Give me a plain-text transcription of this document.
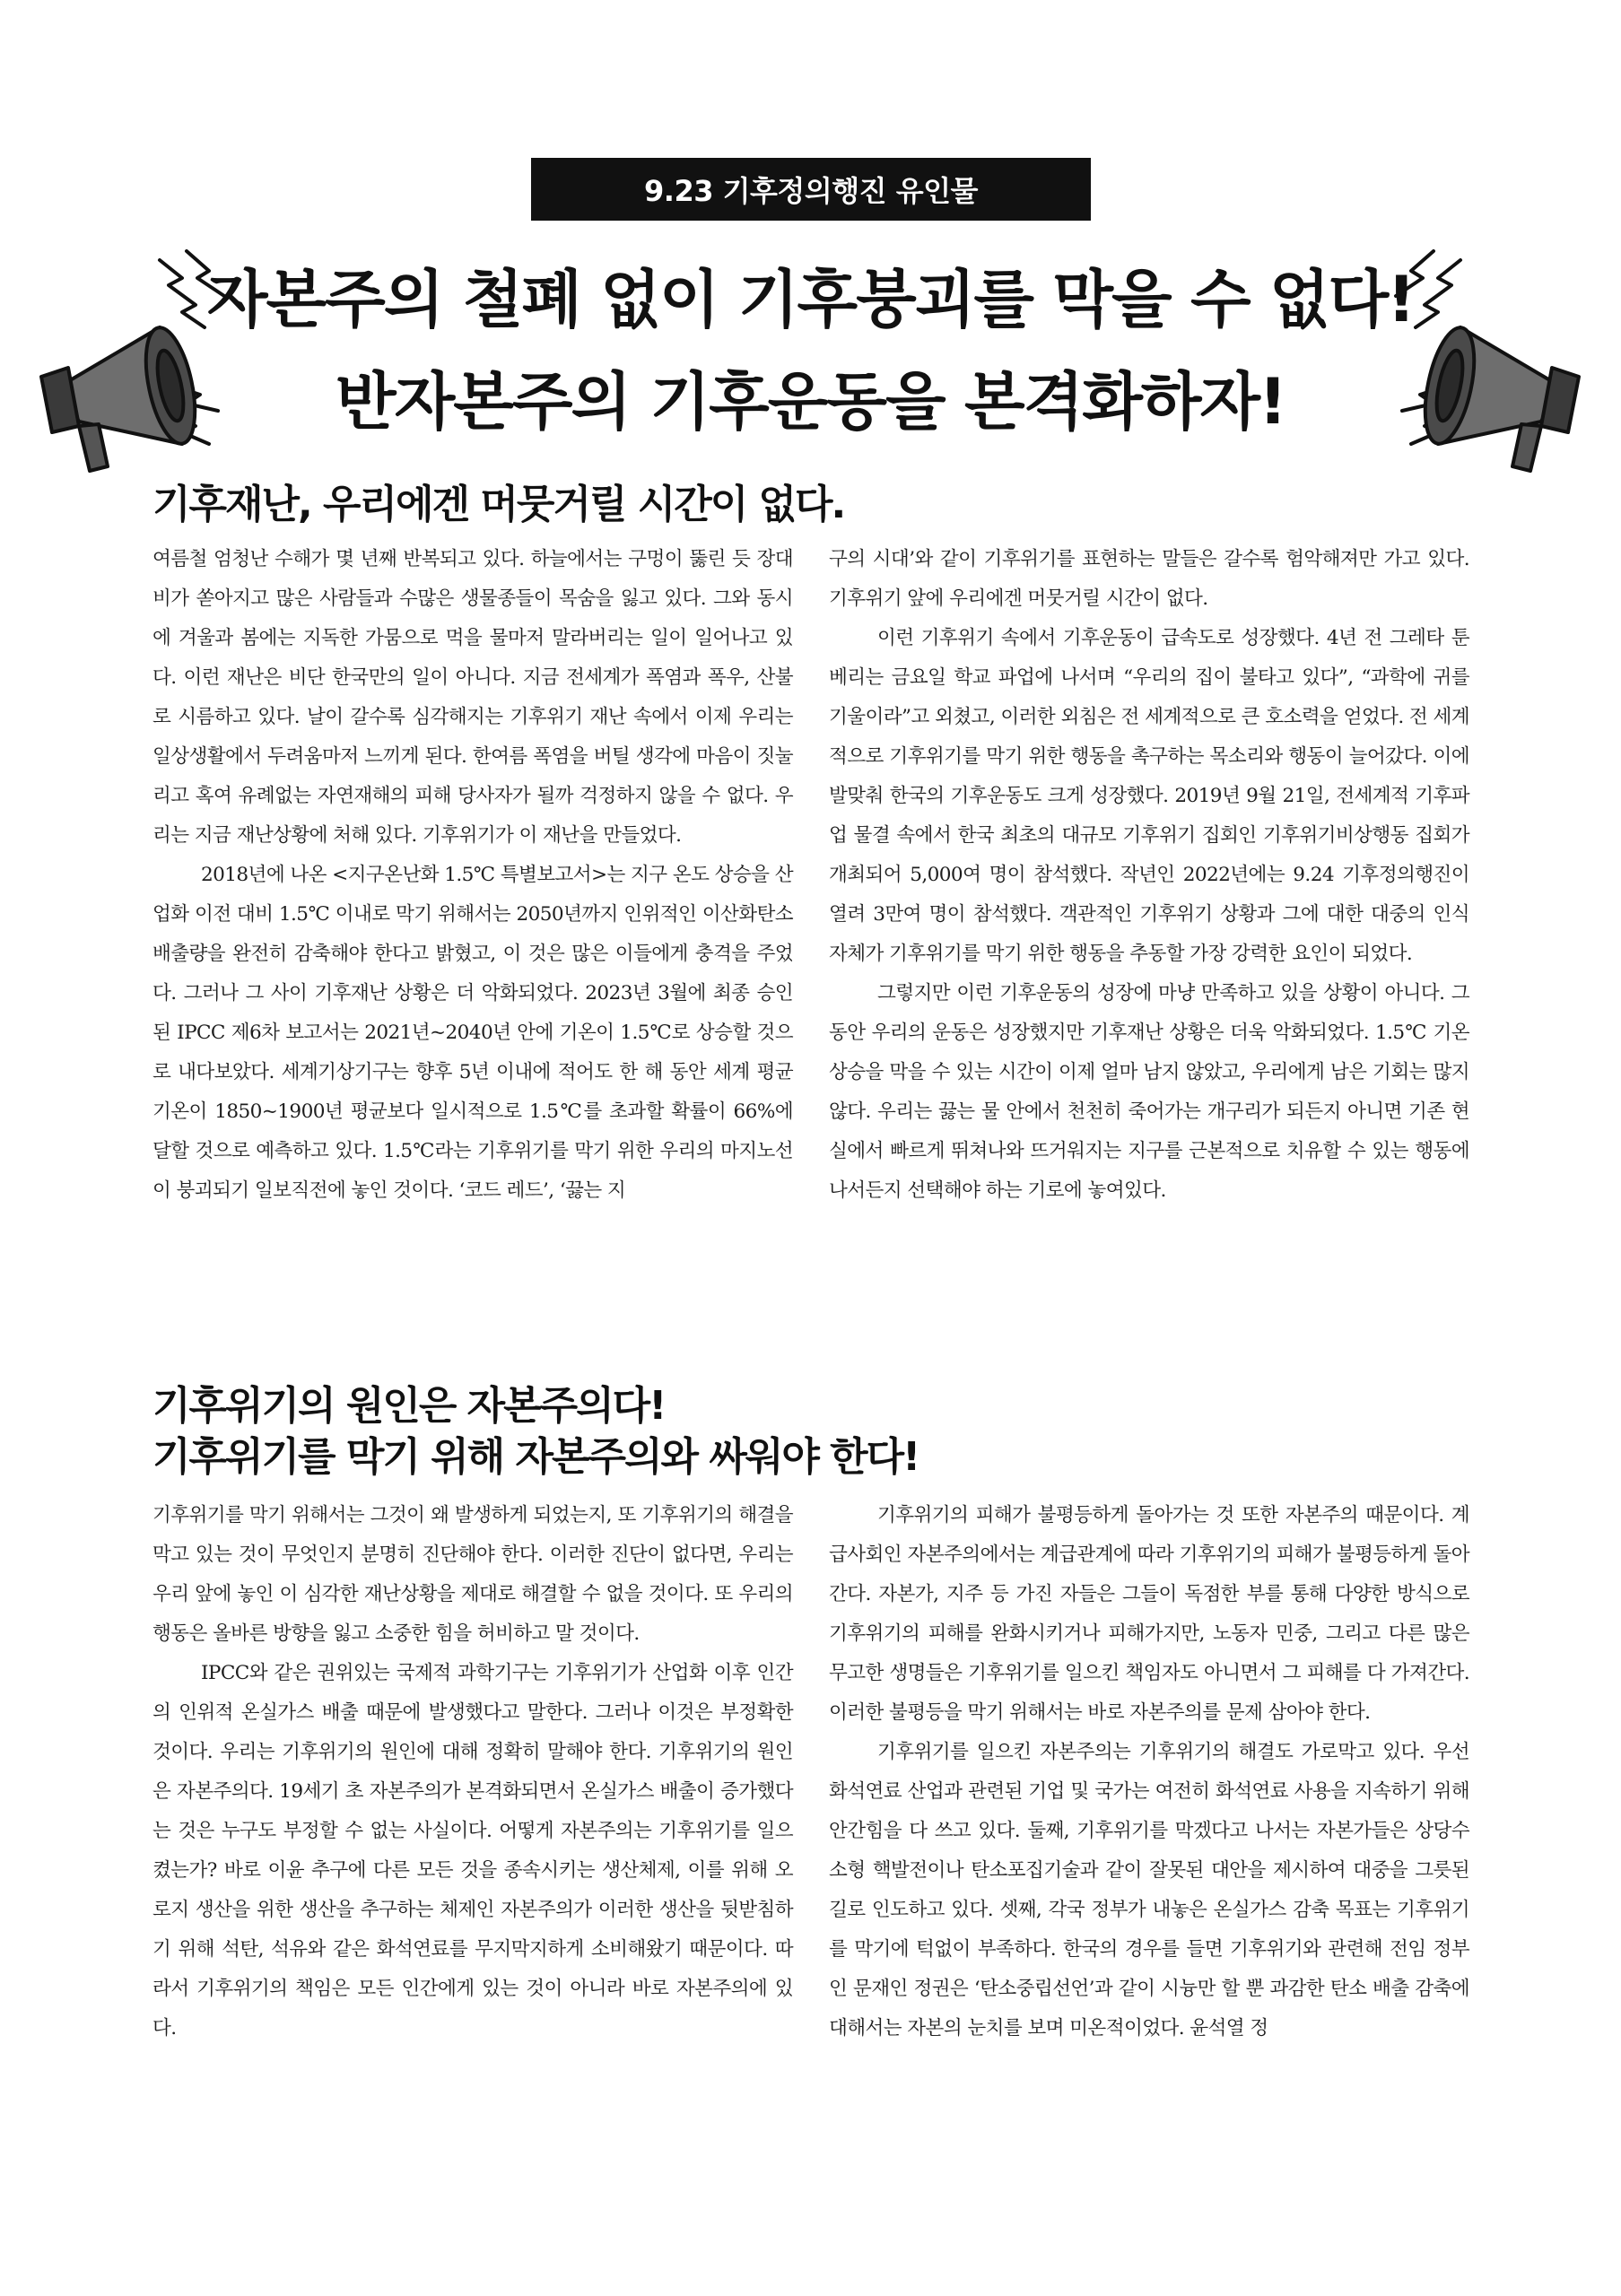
9.23 기후정의행진 유인물
자본주의 철폐 없이 기후붕괴를 막을 수 없다!
반자본주의 기후운동을 본격화하자!
기후재난, 우리에겐 머뭇거릴 시간이 없다.

여름철 엄청난 수해가 몇 년째 반복되고 있다. 하늘에서는 구멍이 뚫린 듯 장대비가 쏟아지고 많은 사람들과 수많은 생물종들이 목숨을 잃고 있다. 그와 동시에 겨울과 봄에는 지독한 가뭄으로 먹을 물마저 말라버리는 일이 일어나고 있다. 이런 재난은 비단 한국만의 일이 아니다. 지금 전세계가 폭염과 폭우, 산불로 시름하고 있다. 날이 갈수록 심각해지는 기후위기 재난 속에서 이제 우리는 일상생활에서 두려움마저 느끼게 된다. 한여름 폭염을 버틸 생각에 마음이 짓눌리고 혹여 유례없는 자연재해의 피해 당사자가 될까 걱정하지 않을 수 없다. 우리는 지금 재난상황에 처해 있다. 기후위기가 이 재난을 만들었다.

2018년에 나온 <지구온난화 1.5℃ 특별보고서>는 지구 온도 상승을 산업화 이전 대비 1.5℃ 이내로 막기 위해서는 2050년까지 인위적인 이산화탄소 배출량을 완전히 감축해야 한다고 밝혔고, 이 것은 많은 이들에게 충격을 주었다. 그러나 그 사이 기후재난 상황은 더 악화되었다. 2023년 3월에 최종 승인된 IPCC 제6차 보고서는 2021년~2040년 안에 기온이 1.5℃로 상승할 것으로 내다보았다. 세계기상기구는 향후 5년 이내에 적어도 한 해 동안 세계 평균 기온이 1850~1900년 평균보다 일시적으로 1.5℃를 초과할 확률이 66%에 달할 것으로 예측하고 있다. 1.5℃라는 기후위기를 막기 위한 우리의 마지노선이 붕괴되기 일보직전에 놓인 것이다. ‘코드 레드’, ‘끓는 지

구의 시대’와 같이 기후위기를 표현하는 말들은 갈수록 험악해져만 가고 있다. 기후위기 앞에 우리에겐 머뭇거릴 시간이 없다.

이런 기후위기 속에서 기후운동이 급속도로 성장했다. 4년 전 그레타 툰베리는 금요일 학교 파업에 나서며 “우리의 집이 불타고 있다”, “과학에 귀를 기울이라”고 외쳤고, 이러한 외침은 전 세계적으로 큰 호소력을 얻었다. 전 세계적으로 기후위기를 막기 위한 행동을 촉구하는 목소리와 행동이 늘어갔다. 이에 발맞춰 한국의 기후운동도 크게 성장했다. 2019년 9월 21일, 전세계적 기후파업 물결 속에서 한국 최초의 대규모 기후위기 집회인 기후위기비상행동 집회가 개최되어 5,000여 명이 참석했다. 작년인 2022년에는 9.24 기후정의행진이 열려 3만여 명이 참석했다. 객관적인 기후위기 상황과 그에 대한 대중의 인식 자체가 기후위기를 막기 위한 행동을 추동할 가장 강력한 요인이 되었다.

그렇지만 이런 기후운동의 성장에 마냥 만족하고 있을 상황이 아니다. 그동안 우리의 운동은 성장했지만 기후재난 상황은 더욱 악화되었다. 1.5℃ 기온 상승을 막을 수 있는 시간이 이제 얼마 남지 않았고, 우리에게 남은 기회는 많지 않다. 우리는 끓는 물 안에서 천천히 죽어가는 개구리가 되든지 아니면 기존 현실에서 빠르게 뛰쳐나와 뜨거워지는 지구를 근본적으로 치유할 수 있는 행동에 나서든지 선택해야 하는 기로에 놓여있다.

기후위기의 원인은 자본주의다!
기후위기를 막기 위해 자본주의와 싸워야 한다!

기후위기를 막기 위해서는 그것이 왜 발생하게 되었는지, 또 기후위기의 해결을 막고 있는 것이 무엇인지 분명히 진단해야 한다. 이러한 진단이 없다면, 우리는 우리 앞에 놓인 이 심각한 재난상황을 제대로 해결할 수 없을 것이다. 또 우리의 행동은 올바른 방향을 잃고 소중한 힘을 허비하고 말 것이다.

IPCC와 같은 권위있는 국제적 과학기구는 기후위기가 산업화 이후 인간의 인위적 온실가스 배출 때문에 발생했다고 말한다. 그러나 이것은 부정확한 것이다. 우리는 기후위기의 원인에 대해 정확히 말해야 한다. 기후위기의 원인은 자본주의다. 19세기 초 자본주의가 본격화되면서 온실가스 배출이 증가했다는 것은 누구도 부정할 수 없는 사실이다. 어떻게 자본주의는 기후위기를 일으켰는가? 바로 이윤 추구에 다른 모든 것을 종속시키는 생산체제, 이를 위해 오로지 생산을 위한 생산을 추구하는 체제인 자본주의가 이러한 생산을 뒷받침하기 위해 석탄, 석유와 같은 화석연료를 무지막지하게 소비해왔기 때문이다. 따라서 기후위기의 책임은 모든 인간에게 있는 것이 아니라 바로 자본주의에 있다.

기후위기의 피해가 불평등하게 돌아가는 것 또한 자본주의 때문이다. 계급사회인 자본주의에서는 계급관계에 따라 기후위기의 피해가 불평등하게 돌아간다. 자본가, 지주 등 가진 자들은 그들이 독점한 부를 통해 다양한 방식으로 기후위기의 피해를 완화시키거나 피해가지만, 노동자 민중, 그리고 다른 많은 무고한 생명들은 기후위기를 일으킨 책임자도 아니면서 그 피해를 다 가져간다. 이러한 불평등을 막기 위해서는 바로 자본주의를 문제 삼아야 한다.

기후위기를 일으킨 자본주의는 기후위기의 해결도 가로막고 있다. 우선 화석연료 산업과 관련된 기업 및 국가는 여전히 화석연료 사용을 지속하기 위해 안간힘을 다 쓰고 있다. 둘째, 기후위기를 막겠다고 나서는 자본가들은 상당수 소형 핵발전이나 탄소포집기술과 같이 잘못된 대안을 제시하여 대중을 그릇된 길로 인도하고 있다. 셋째, 각국 정부가 내놓은 온실가스 감축 목표는 기후위기를 막기에 턱없이 부족하다. 한국의 경우를 들면 기후위기와 관련해 전임 정부인 문재인 정권은 ‘탄소중립선언’과 같이 시늉만 할 뿐 과감한 탄소 배출 감축에 대해서는 자본의 눈치를 보며 미온적이었다. 윤석열 정
